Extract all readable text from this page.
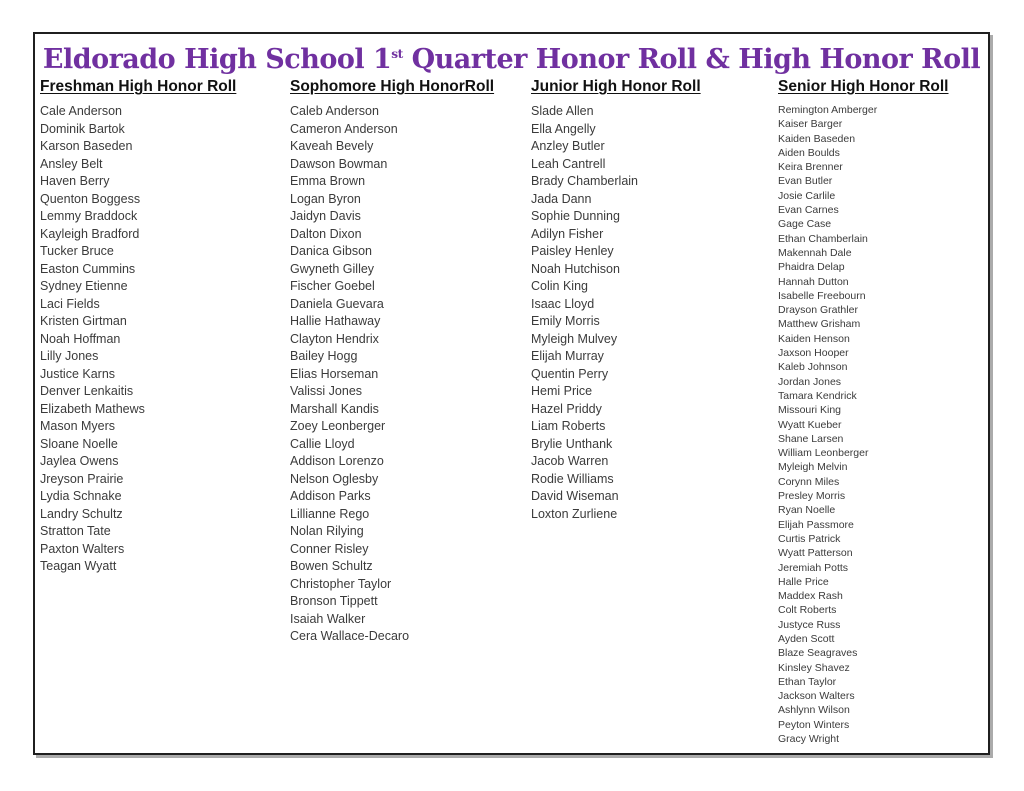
Eldorado High School 1st Quarter Honor Roll & High Honor Roll
Freshman High Honor Roll
Cale Anderson
Dominik Bartok
Karson Baseden
Ansley Belt
Haven Berry
Quenton Boggess
Lemmy Braddock
Kayleigh Bradford
Tucker Bruce
Easton Cummins
Sydney Etienne
Laci Fields
Kristen Girtman
Noah Hoffman
Lilly Jones
Justice Karns
Denver Lenkaitis
Elizabeth Mathews
Mason Myers
Sloane Noelle
Jaylea Owens
Jreyson Prairie
Lydia Schnake
Landry Schultz
Stratton Tate
Paxton Walters
Teagan Wyatt
Sophomore High HonorRoll
Caleb Anderson
Cameron Anderson
Kaveah Bevely
Dawson Bowman
Emma Brown
Logan Byron
Jaidyn Davis
Dalton Dixon
Danica Gibson
Gwyneth Gilley
Fischer Goebel
Daniela Guevara
Hallie Hathaway
Clayton Hendrix
Bailey Hogg
Elias Horseman
Valissi Jones
Marshall Kandis
Zoey Leonberger
Callie Lloyd
Addison Lorenzo
Nelson Oglesby
Addison Parks
Lillianne Rego
Nolan Rilying
Conner Risley
Bowen Schultz
Christopher Taylor
Bronson Tippett
Isaiah Walker
Cera Wallace-Decaro
Junior High Honor Roll
Slade Allen
Ella Angelly
Anzley Butler
Leah Cantrell
Brady Chamberlain
Jada Dann
Sophie Dunning
Adilyn Fisher
Paisley Henley
Noah Hutchison
Colin King
Isaac Lloyd
Emily Morris
Myleigh Mulvey
Elijah Murray
Quentin Perry
Hemi Price
Hazel Priddy
Liam Roberts
Brylie Unthank
Jacob Warren
Rodie Williams
David Wiseman
Loxton Zurliene
Senior High Honor Roll
Remington Amberger
Kaiser Barger
Kaiden Baseden
Aiden Boulds
Keira Brenner
Evan Butler
Josie Carlile
Evan Carnes
Gage Case
Ethan Chamberlain
Makennah Dale
Phaidra Delap
Hannah Dutton
Isabelle Freebourn
Drayson Grathler
Matthew Grisham
Kaiden Henson
Jaxson Hooper
Kaleb Johnson
Jordan Jones
Tamara Kendrick
Missouri King
Wyatt Kueber
Shane Larsen
William Leonberger
Myleigh Melvin
Corynn Miles
Presley Morris
Ryan Noelle
Elijah Passmore
Curtis Patrick
Wyatt Patterson
Jeremiah Potts
Halle Price
Maddex Rash
Colt Roberts
Justyce Russ
Ayden Scott
Blaze Seagraves
Kinsley Shavez
Ethan Taylor
Jackson Walters
Ashlynn Wilson
Peyton Winters
Gracy Wright
